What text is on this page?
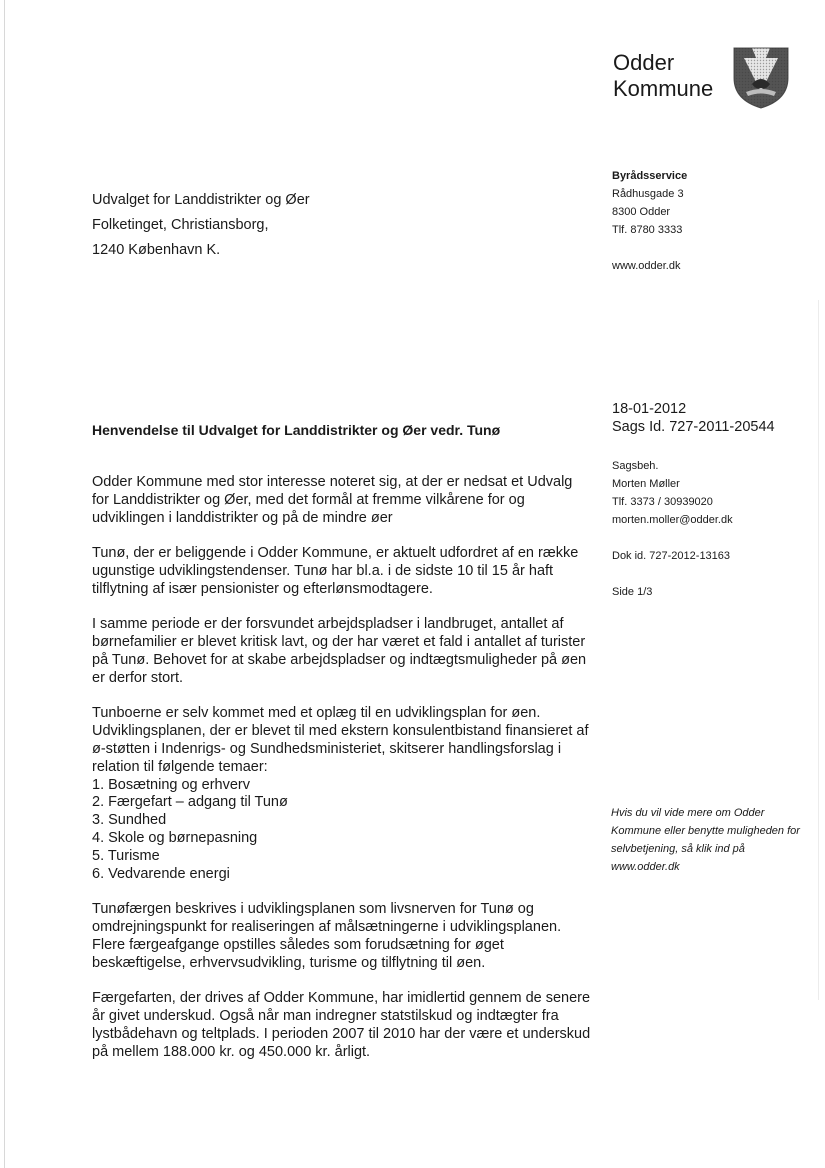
Odder
Kommune
Byrådsservice
Rådhusgade 3
8300 Odder
Tlf. 8780 3333
www.odder.dk
Udvalget for Landdistrikter og Øer
Folketinget, Christiansborg,
1240 København K.
18-01-2012
Sags Id. 727-2011-20544
Henvendelse til Udvalget for Landdistrikter og Øer vedr. Tunø
Sagsbeh.
Morten Møller
Tlf. 3373 / 30939020
morten.moller@odder.dk
Dok id. 727-2012-13163
Side 1/3

Odder Kommune med stor interesse noteret sig, at der er nedsat et Udvalg for Landdistrikter og Øer, med det formål at fremme vilkårene for og udviklingen i landdistrikter og på de mindre øer

Tunø, der er beliggende i Odder Kommune, er aktuelt udfordret af en række ugunstige udviklingstendenser. Tunø har bl.a. i de sidste 10 til 15 år haft tilflytning af især pensionister og efterlønsmodtagere.

I samme periode er der forsvundet arbejdspladser i landbruget, antallet af børnefamilier er blevet kritisk lavt, og der har været et fald i antallet af turister på Tunø. Behovet for at skabe arbejdspladser og indtægtsmuligheder på øen er derfor stort.

Tunboerne er selv kommet med et oplæg til en udviklingsplan for øen. Udviklingsplanen, der er blevet til med ekstern konsulentbistand finansieret af ø-støtten i Indenrigs- og Sundhedsministeriet, skitserer handlingsforslag i relation til følgende temaer:
1. Bosætning og erhverv
2. Færgefart – adgang til Tunø
3. Sundhed
4. Skole og børnepasning
5. Turisme
6. Vedvarende energi

Tunøfærgen beskrives i udviklingsplanen som livsnerven for Tunø og omdrejningspunkt for realiseringen af målsætningerne i udviklingsplanen. Flere færgeafgange opstilles således som forudsætning for øget beskæftigelse, erhvervsudvikling, turisme og tilflytning til øen.

Færgefarten, der drives af Odder Kommune, har imidlertid gennem de senere år givet underskud. Også når man indregner statstilskud og indtægter fra lystbådehavn og teltplads. I perioden 2007 til 2010 har der være et underskud på mellem 188.000 kr. og 450.000 kr. årligt.

Hvis du vil vide mere om Odder Kommune eller benytte muligheden for selvbetjening, så klik ind på www.odder.dk
